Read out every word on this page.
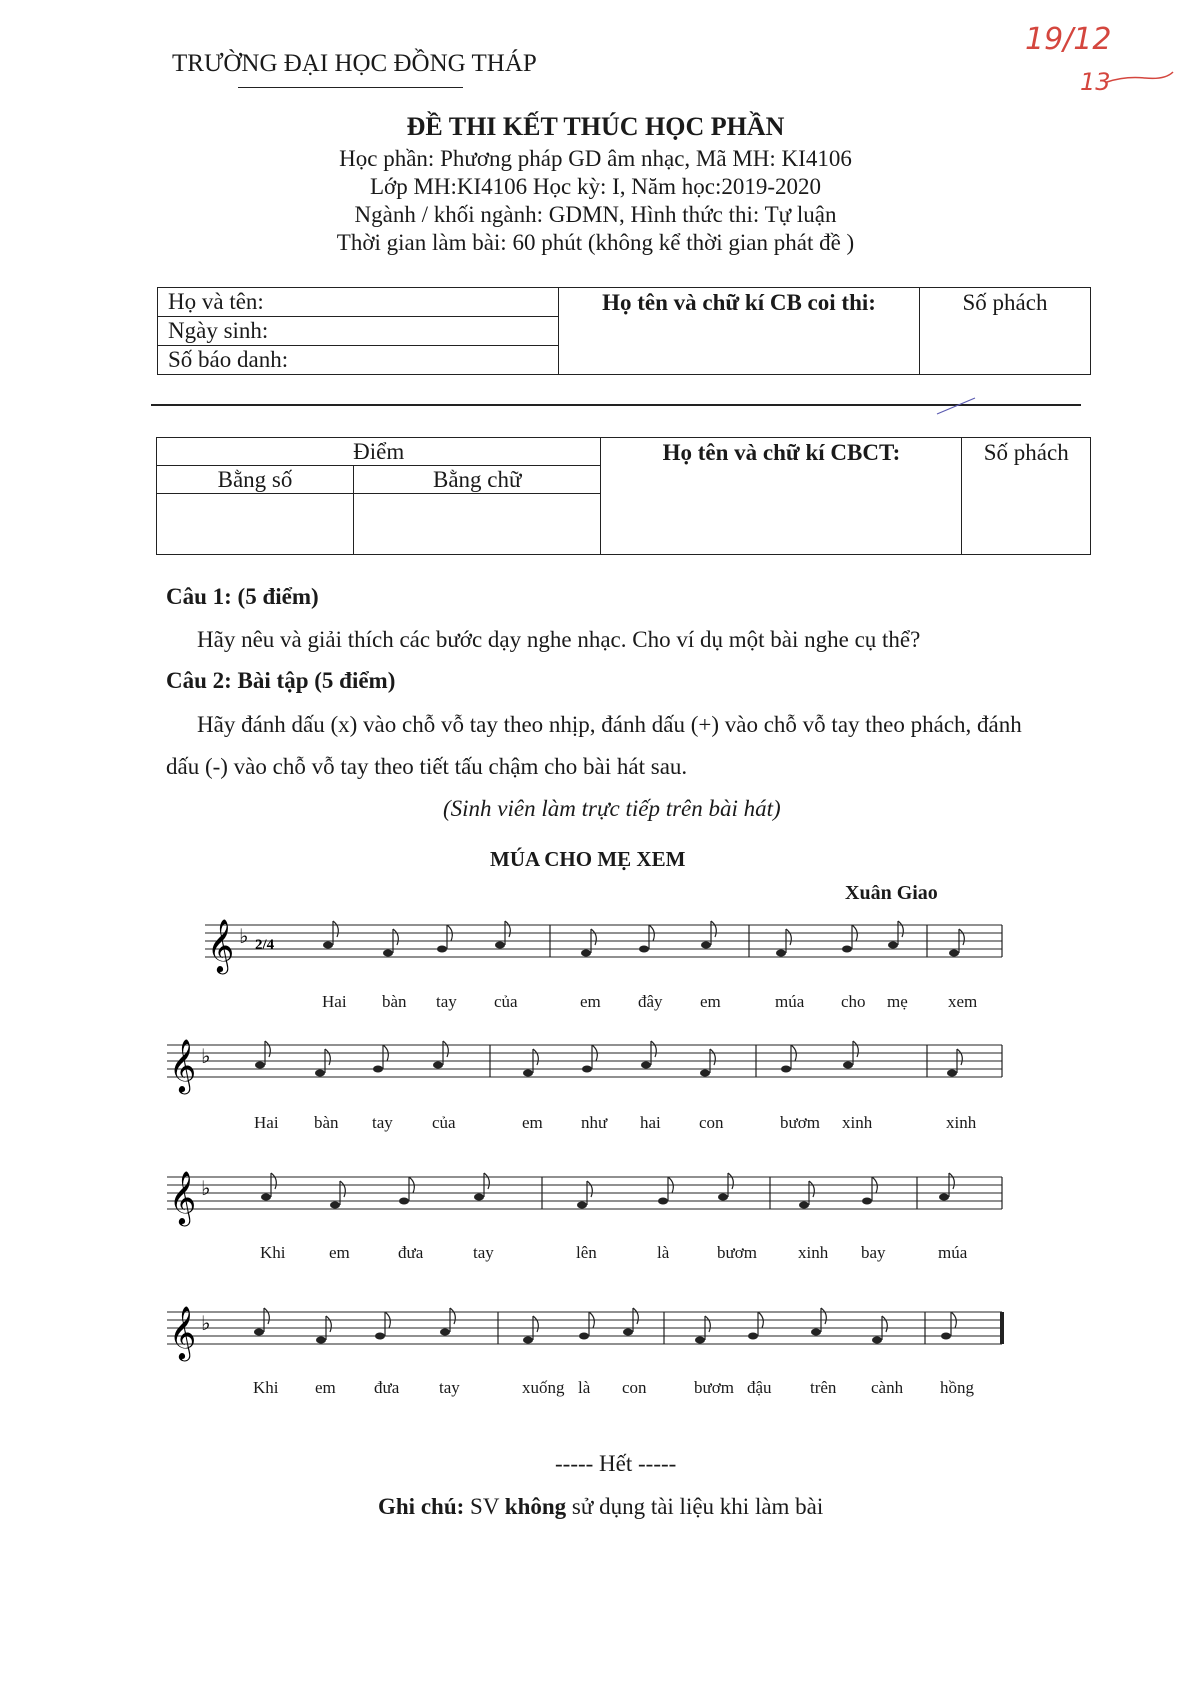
TRƯỜNG ĐẠI HỌC ĐỒNG THÁP
19/12
13
ĐỀ THI KẾT THÚC HỌC PHẦN
Học phần: Phương pháp GD âm nhạc, Mã MH: KI4106
Lớp MH:KI4106 Học kỳ: I, Năm học:2019-2020
Ngành / khối ngành: GDMN, Hình thức thi: Tự luận
Thời gian làm bài: 60 phút (không kể thời gian phát đề )
Họ và tên:	Họ tên và chữ kí CB coi thi:	Số phách
Ngày sinh:
Số báo danh:
Điểm		Họ tên và chữ kí CBCT:	Số phách
Bằng số	Bằng chữ		

Câu 1: (5 điểm)
Hãy nêu và giải thích các bước dạy nghe nhạc. Cho ví dụ một bài nghe cụ thể?
Câu 2: Bài tập (5 điểm)
Hãy đánh dấu (x) vào chỗ vỗ tay theo nhịp, đánh dấu (+) vào chỗ vỗ tay theo phách, đánh
dấu (-) vào chỗ vỗ tay theo tiết tấu chậm cho bài hát sau.
(Sinh viên làm trực tiếp trên bài hát)
MÚA CHO MẸ XEM
Xuân Giao
𝄞 ♭ 2/4
Hai bàn tay của	em đây em	múa cho mẹ xem
𝄞 ♭
Hai bàn tay của	em như hai con	bươm xinh	xinh
𝄞 ♭
Khi	em	đưa	tay	lên	là	bươm xinh bay	múa
𝄞 ♭
Khi em đưa tay	xuống là con	bươm đậu trên cành hồng
----- Hết -----
Ghi chú: SV không sử dụng tài liệu khi làm bài
